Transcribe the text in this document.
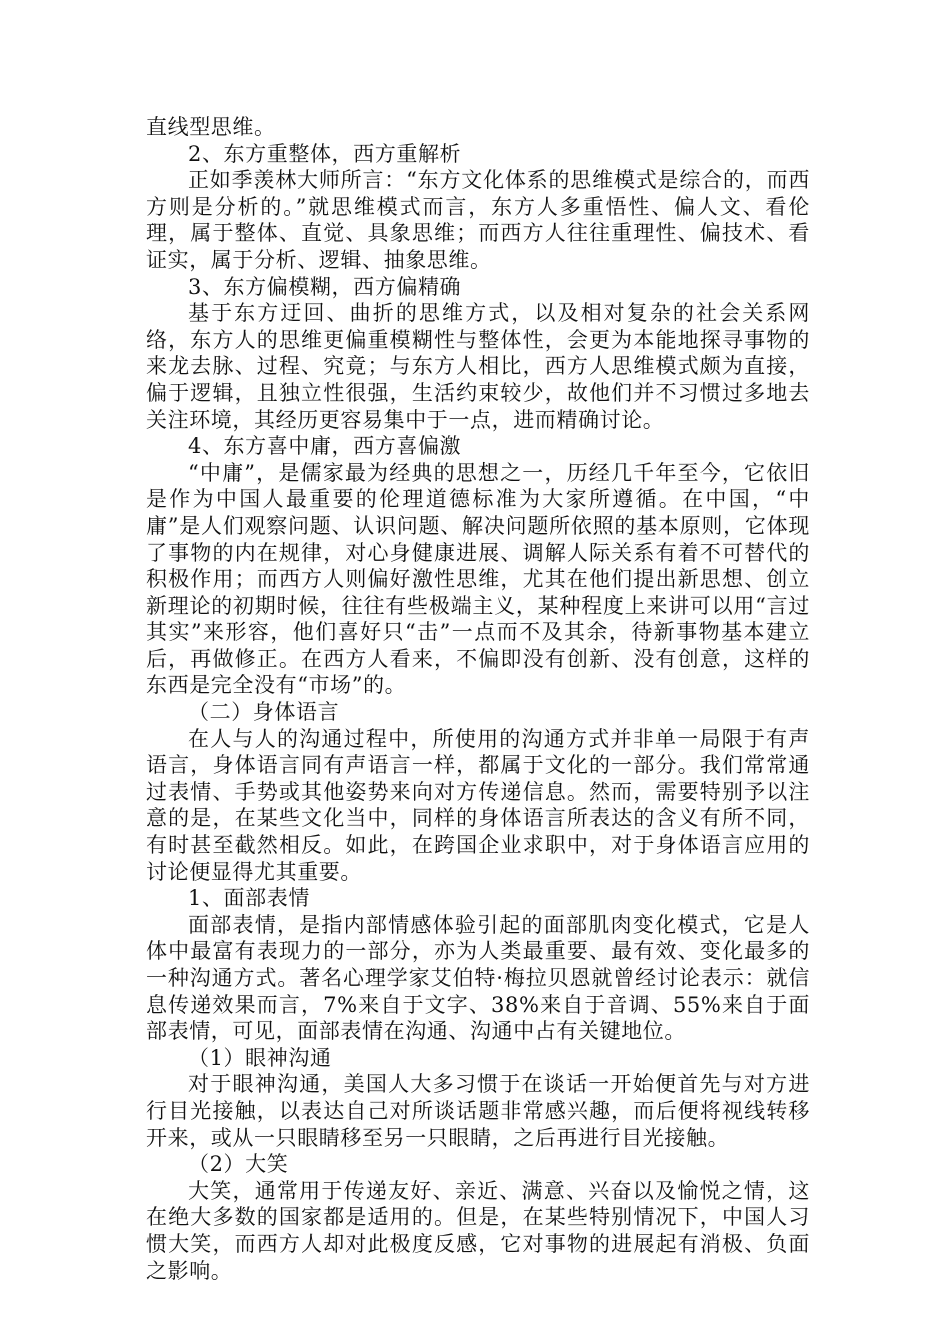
直线型思维。

2、东方重整体，西方重解析

正如季羡林大师所言：“东方文化体系的思维模式是综合的，而西方则是分析的。”就思维模式而言，东方人多重悟性、偏人文、看伦理，属于整体、直觉、具象思维；而西方人往往重理性、偏技术、看证实，属于分析、逻辑、抽象思维。

3、东方偏模糊，西方偏精确

基于东方迂回、曲折的思维方式，以及相对复杂的社会关系网络，东方人的思维更偏重模糊性与整体性，会更为本能地探寻事物的来龙去脉、过程、究竟；与东方人相比，西方人思维模式颇为直接，偏于逻辑，且独立性很强，生活约束较少，故他们并不习惯过多地去关注环境，其经历更容易集中于一点，进而精确讨论。

4、东方喜中庸，西方喜偏激

“中庸”，是儒家最为经典的思想之一，历经几千年至今，它依旧是作为中国人最重要的伦理道德标准为大家所遵循。在中国，“中庸”是人们观察问题、认识问题、解决问题所依照的基本原则，它体现了事物的内在规律，对心身健康进展、调解人际关系有着不可替代的积极作用；而西方人则偏好激性思维，尤其在他们提出新思想、创立新理论的初期时候，往往有些极端主义，某种程度上来讲可以用“言过其实”来形容，他们喜好只“击”一点而不及其余，待新事物基本建立后，再做修正。在西方人看来，不偏即没有创新、没有创意，这样的东西是完全没有“市场”的。

（二）身体语言

在人与人的沟通过程中，所使用的沟通方式并非单一局限于有声语言，身体语言同有声语言一样，都属于文化的一部分。我们常常通过表情、手势或其他姿势来向对方传递信息。然而，需要特别予以注意的是，在某些文化当中，同样的身体语言所表达的含义有所不同，有时甚至截然相反。如此，在跨国企业求职中，对于身体语言应用的讨论便显得尤其重要。

1、面部表情

面部表情，是指内部情感体验引起的面部肌肉变化模式，它是人体中最富有表现力的一部分，亦为人类最重要、最有效、变化最多的一种沟通方式。著名心理学家艾伯特·梅拉贝恩就曾经讨论表示：就信息传递效果而言，7%来自于文字、38%来自于音调、55%来自于面部表情，可见，面部表情在沟通、沟通中占有关键地位。

（1）眼神沟通

对于眼神沟通，美国人大多习惯于在谈话一开始便首先与对方进行目光接触，以表达自己对所谈话题非常感兴趣，而后便将视线转移开来，或从一只眼睛移至另一只眼睛，之后再进行目光接触。

（2）大笑

大笑，通常用于传递友好、亲近、满意、兴奋以及愉悦之情，这在绝大多数的国家都是适用的。但是，在某些特别情况下，中国人习惯大笑，而西方人却对此极度反感，它对事物的进展起有消极、负面之影响。
